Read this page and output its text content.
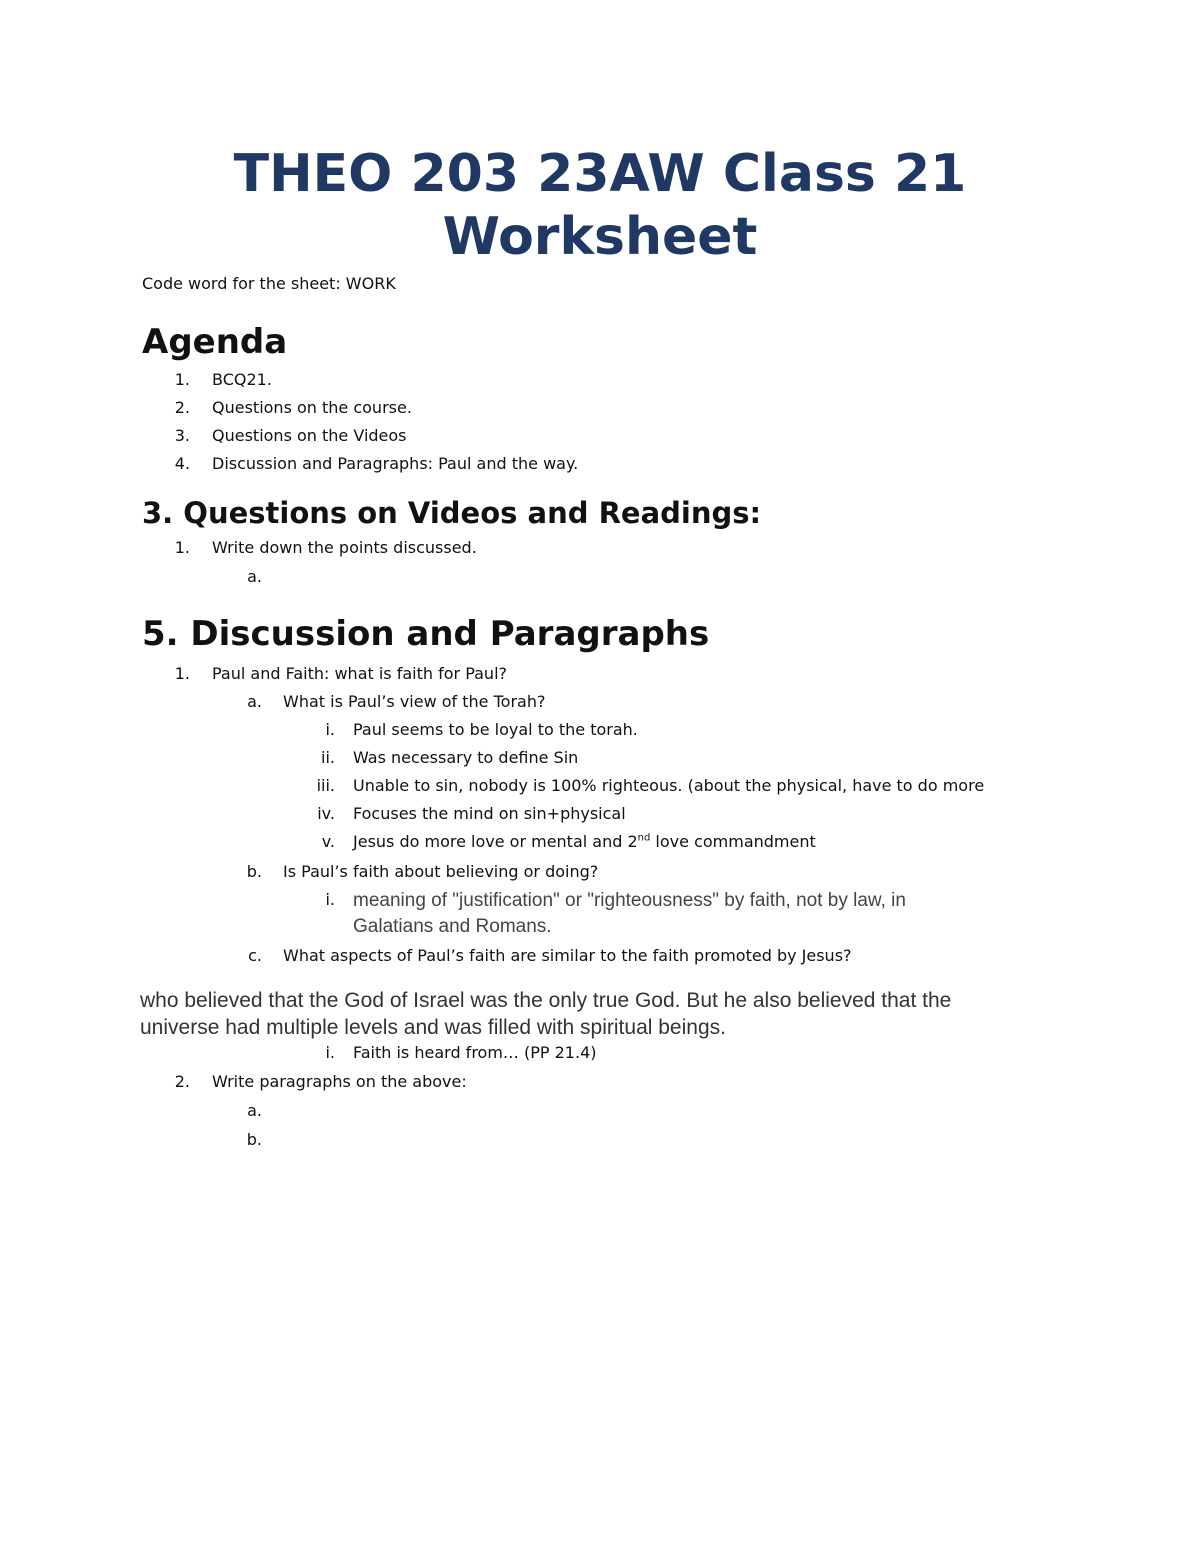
THEO 203 23AW Class 21
Worksheet
Code word for the sheet: WORK
Agenda
1. BCQ21.
2. Questions on the course.
3. Questions on the Videos
4. Discussion and Paragraphs: Paul and the way.
3. Questions on Videos and Readings:
1. Write down the points discussed.
a.
5. Discussion and Paragraphs
1. Paul and Faith: what is faith for Paul?
a. What is Paul’s view of the Torah?
i. Paul seems to be loyal to the torah.
ii. Was necessary to define Sin
iii. Unable to sin, nobody is 100% righteous. (about the physical, have to do more
iv. Focuses the mind on sin+physical
v. Jesus do more love or mental and 2nd love commandment
b. Is Paul’s faith about believing or doing?
i. meaning of "justification" or "righteousness" by faith, not by law, in
Galatians and Romans.
c. What aspects of Paul’s faith are similar to the faith promoted by Jesus?
who believed that the God of Israel was the only true God. But he also believed that the
universe had multiple levels and was filled with spiritual beings.
i. Faith is heard from… (PP 21.4)
2. Write paragraphs on the above:
a.
b.
